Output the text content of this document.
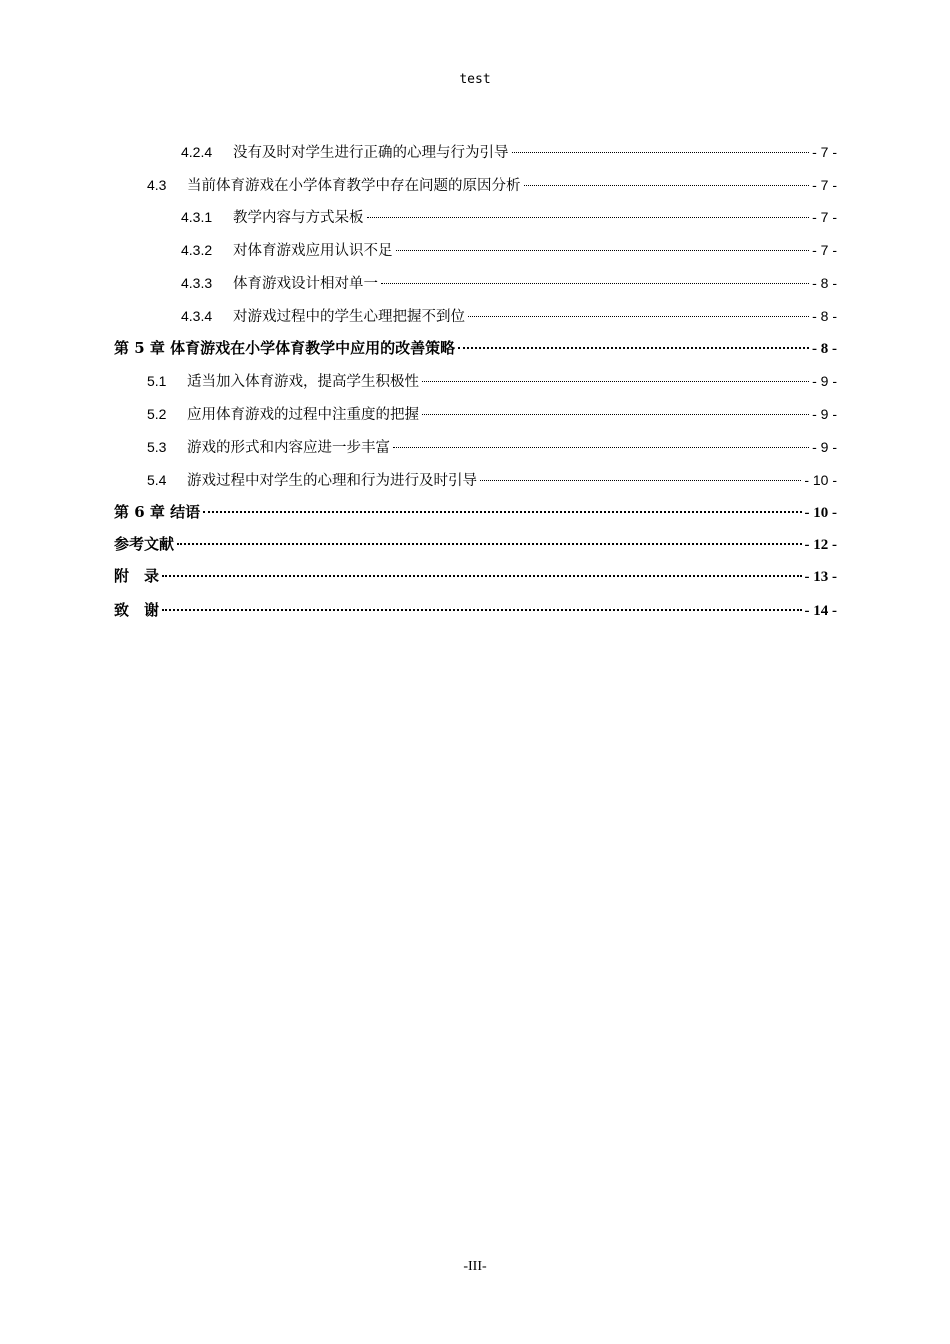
test
4.2.4	没有及时对学生进行正确的心理与行为引导	- 7 -
4.3	当前体育游戏在小学体育教学中存在问题的原因分析	- 7 -
4.3.1	教学内容与方式呆板	- 7 -
4.3.2	对体育游戏应用认识不足	- 7 -
4.3.3	体育游戏设计相对单一	- 8 -
4.3.4	对游戏过程中的学生心理把握不到位	- 8 -
第 5 章 体育游戏在小学体育教学中应用的改善策略	- 8 -
5.1	适当加入体育游戏，提高学生积极性	- 9 -
5.2	应用体育游戏的过程中注重度的把握	- 9 -
5.3	游戏的形式和内容应进一步丰富	- 9 -
5.4	游戏过程中对学生的心理和行为进行及时引导	- 10 -
第 6 章 结语	- 10 -
参考文献	- 12 -
附　录	- 13 -
致　谢	- 14 -
-III-
